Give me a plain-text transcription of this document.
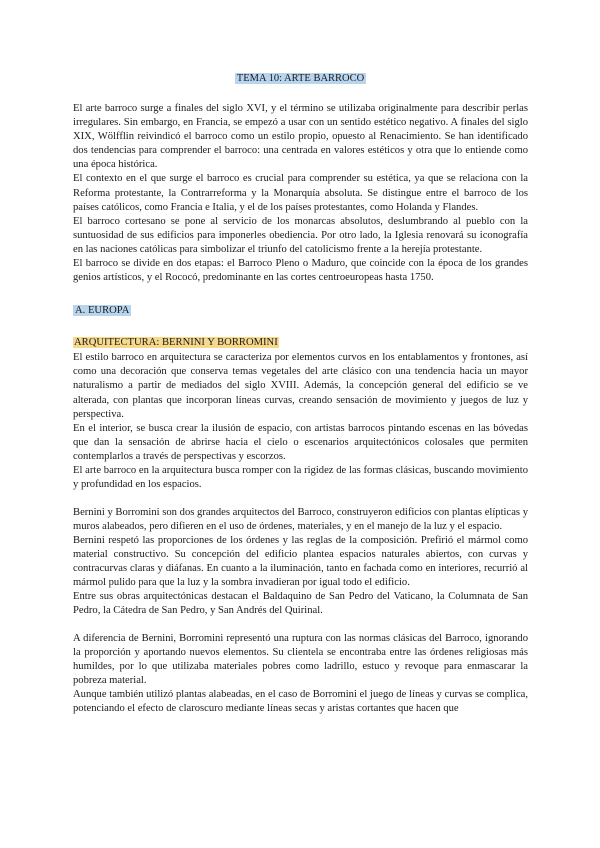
TEMA 10: ARTE BARROCO

El arte barroco surge a finales del siglo XVI, y el término se utilizaba originalmente para describir perlas irregulares. Sin embargo, en Francia, se empezó a usar con un sentido estético negativo. A finales del siglo XIX, Wölfflin reivindicó el barroco como un estilo propio, opuesto al Renacimiento. Se han identificado dos tendencias para comprender el barroco: una centrada en valores estéticos y otra que lo entiende como una época histórica.

El contexto en el que surge el barroco es crucial para comprender su estética, ya que se relaciona con la Reforma protestante, la Contrarreforma y la Monarquía absoluta. Se distingue entre el barroco de los países católicos, como Francia e Italia, y el de los países protestantes, como Holanda y Flandes.

El barroco cortesano se pone al servicio de los monarcas absolutos, deslumbrando al pueblo con la suntuosidad de sus edificios para imponerles obediencia. Por otro lado, la Iglesia renovará su iconografía en las naciones católicas para simbolizar el triunfo del catolicismo frente a la herejía protestante.

El barroco se divide en dos etapas: el Barroco Pleno o Maduro, que coincide con la época de los grandes genios artísticos, y el Rococó, predominante en las cortes centroeuropeas hasta 1750.

A. EUROPA
ARQUITECTURA: BERNINI Y BORROMINI

El estilo barroco en arquitectura se caracteriza por elementos curvos en los entablamentos y frontones, así como una decoración que conserva temas vegetales del arte clásico con una tendencia hacia un mayor naturalismo a partir de mediados del siglo XVIII. Además, la concepción general del edificio se ve alterada, con plantas que incorporan líneas curvas, creando sensación de movimiento y juegos de luz y perspectiva.

En el interior, se busca crear la ilusión de espacio, con artistas barrocos pintando escenas en las bóvedas que dan la sensación de abrirse hacia el cielo o escenarios arquitectónicos colosales que permiten contemplarlos a través de perspectivas y escorzos.

El arte barroco en la arquitectura busca romper con la rigidez de las formas clásicas, buscando movimiento y profundidad en los espacios.

Bernini y Borromini son dos grandes arquitectos del Barroco, construyeron edificios con plantas elípticas y muros alabeados, pero difieren en el uso de órdenes, materiales, y en el manejo de la luz y el espacio.

Bernini respetó las proporciones de los órdenes y las reglas de la composición. Prefirió el mármol como material constructivo. Su concepción del edificio plantea espacios naturales abiertos, con curvas y contracurvas claras y diáfanas. En cuanto a la iluminación, tanto en fachada como en interiores, recurrió al mármol pulido para que la luz y la sombra invadieran por igual todo el edificio.

Entre sus obras arquitectónicas destacan el Baldaquino de San Pedro del Vaticano, la Columnata de San Pedro, la Cátedra de San Pedro, y San Andrés del Quirinal.

A diferencia de Bernini, Borromini representó una ruptura con las normas clásicas del Barroco, ignorando la proporción y aportando nuevos elementos. Su clientela se encontraba entre las órdenes religiosas más humildes, por lo que utilizaba materiales pobres como ladrillo, estuco y revoque para enmascarar la pobreza material.

Aunque también utilizó plantas alabeadas, en el caso de Borromini el juego de líneas y curvas se complica, potenciando el efecto de claroscuro mediante líneas secas y aristas cortantes que hacen que
